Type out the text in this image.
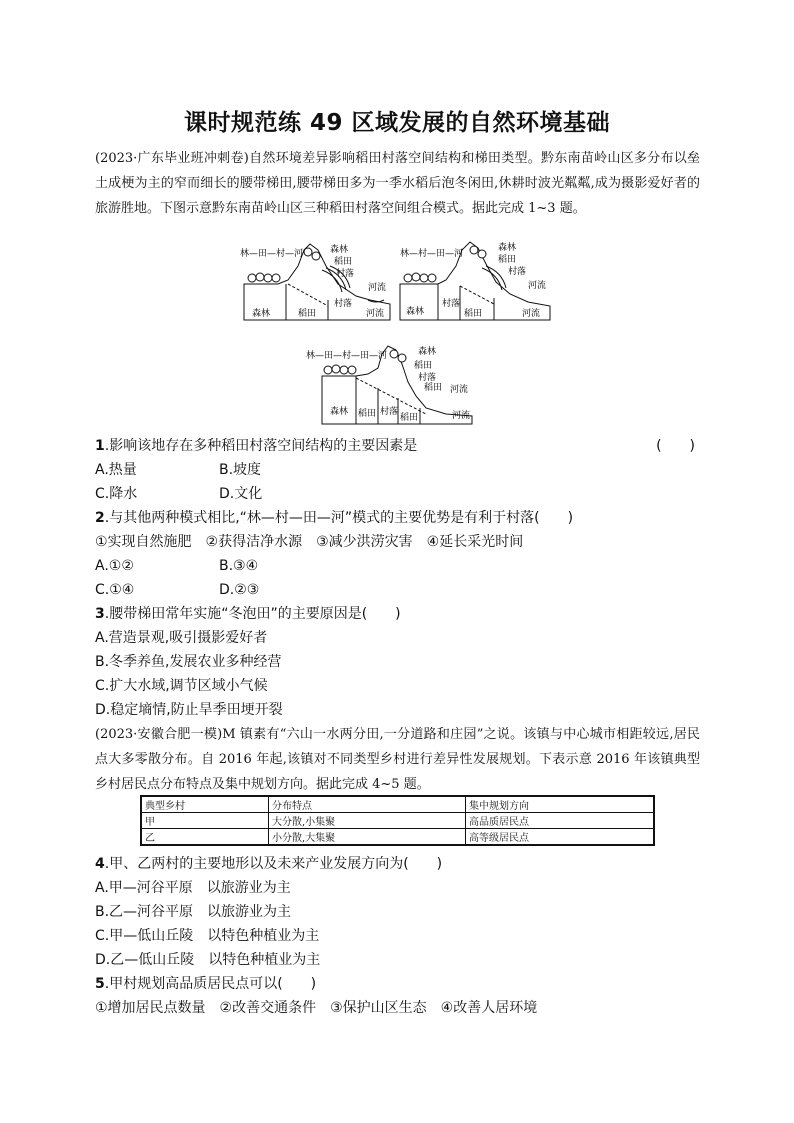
课时规范练 49 区域发展的自然环境基础
(2023·广东毕业班冲刺卷)自然环境差异影响稻田村落空间结构和梯田类型。黔东南苗岭山区多分布以垒土成梗为主的窄而细长的腰带梯田,腰带梯田多为一季水稻后泡冬闲田,休耕时波光粼粼,成为摄影爱好者的旅游胜地。下图示意黔东南苗岭山区三种稻田村落空间组合模式。据此完成 1~3 题。
林—田—村—河	森林
稻田
村落
河流
森林	稻田
村落
河流
林—村—田—河
森林
稻田
村落
河流
森林
村落
稻田	河流
林—田—村—田—河	森林
稻田
村落
稻田 河流
森林 稻田 村落
稻田	河流
1.影响该地存在多种稻田村落空间结构的主要因素是	(　　)
A.热量	B.坡度
C.降水	D.文化
2.与其他两种模式相比,“林—村—田—河”模式的主要优势是有利于村落(　　)
①实现自然施肥　②获得洁净水源　③减少洪涝灾害　④延长采光时间
A.①②	B.③④
C.①④	D.②③
3.腰带梯田常年实施“冬泡田”的主要原因是(　　)
A.营造景观,吸引摄影爱好者
B.冬季养鱼,发展农业多种经营
C.扩大水域,调节区域小气候
D.稳定墒情,防止旱季田埂开裂
(2023·安徽合肥一模)M 镇素有“六山一水两分田,一分道路和庄园”之说。该镇与中心城市相距较远,居民点大多零散分布。自 2016 年起,该镇对不同类型乡村进行差异性发展规划。下表示意 2016 年该镇典型乡村居民点分布特点及集中规划方向。据此完成 4~5 题。
典型乡村	分布特点	集中规划方向
甲	大分散,小集聚	高品质居民点
乙	小分散,大集聚	高等级居民点
4.甲、乙两村的主要地形以及未来产业发展方向为(　　)
A.甲—河谷平原　以旅游业为主
B.乙—河谷平原　以旅游业为主
C.甲—低山丘陵　以特色种植业为主
D.乙—低山丘陵　以特色种植业为主
5.甲村规划高品质居民点可以(　　)
①增加居民点数量　②改善交通条件　③保护山区生态　④改善人居环境
